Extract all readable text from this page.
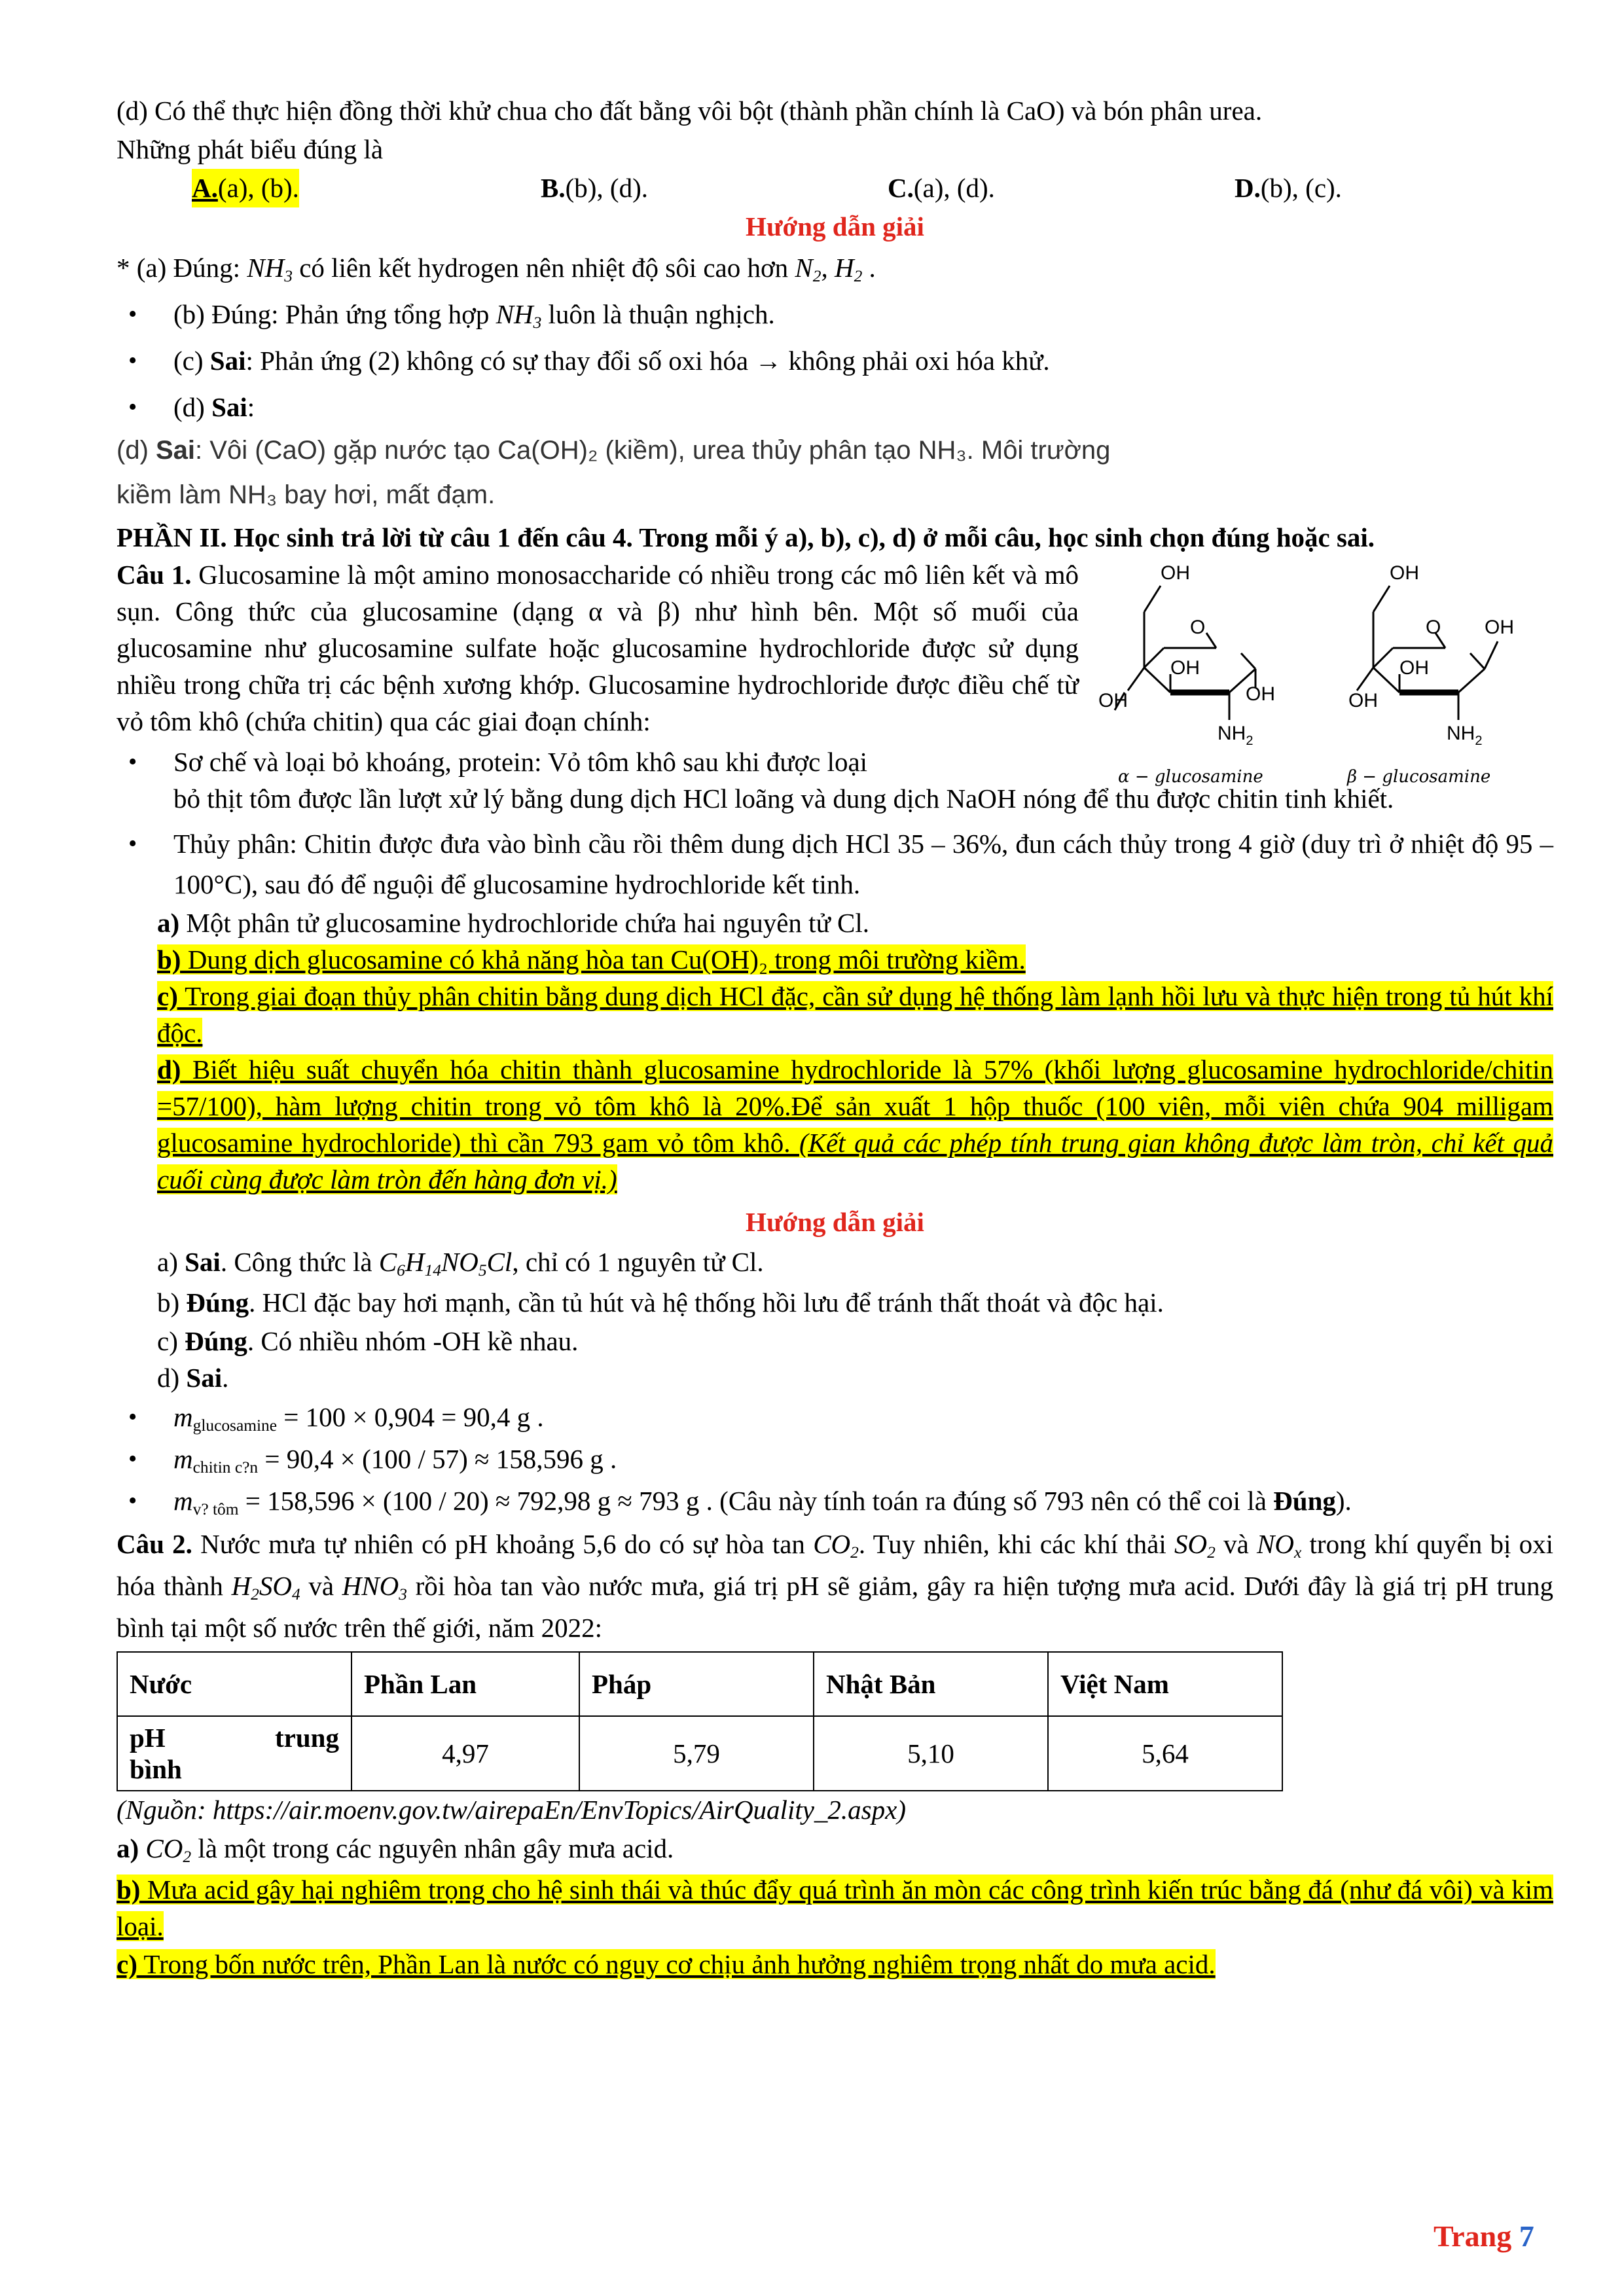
(d) Có thể thực hiện đồng thời khử chua cho đất bằng vôi bột (thành phần chính là CaO) và bón phân urea.

Những phát biểu đúng là

A.(a), (b).	B.(b), (d).	C.(a), (d).	D.(b), (c).

Hướng dẫn giải

* (a) Đúng: $NH_3$ có liên kết hydrogen nên nhiệt độ sôi cao hơn $N_2$, $H_2$ .

• (b) Đúng: Phản ứng tổng hợp $NH_3$ luôn là thuận nghịch.

• (c) Sai: Phản ứng (2) không có sự thay đổi số oxi hóa → không phải oxi hóa khử.

• (d) Sai:

(d) Sai: Vôi (CaO) gặp nước tạo Ca(OH)₂ (kiềm), urea thủy phân tạo NH₃. Môi trường

kiềm làm NH₃ bay hơi, mất đạm.

PHẦN II. Học sinh trả lời từ câu 1 đến câu 4. Trong mỗi ý a), b), c), d) ở mỗi câu, học sinh chọn đúng hoặc sai.

Câu 1. Glucosamine là một amino monosaccharide có nhiều trong các mô liên kết và mô sụn. Công thức của glucosamine (dạng α và β) như hình bên. Một số muối của glucosamine như glucosamine sulfate hoặc glucosamine hydrochloride được sử dụng nhiều trong chữa trị các bệnh xương khớp. Glucosamine hydrochloride được điều chế từ vỏ tôm khô (chứa chitin) qua các giai đoạn chính:

OH
O
OH
OH
OH
$NH_2$
OH
OH
O
OH
OH
$NH_2$
α − glucosamine	β − glucosamine

• Sơ chế và loại bỏ khoáng, protein: Vỏ tôm khô sau khi được loại

bỏ thịt tôm được lần lượt xử lý bằng dung dịch HCl loãng và dung dịch NaOH nóng để thu được chitin tinh khiết.

• Thủy phân: Chitin được đưa vào bình cầu rồi thêm dung dịch HCl 35 – 36%, đun cách thủy trong 4 giờ (duy trì ở nhiệt độ 95 – 100°C), sau đó để nguội để glucosamine hydrochloride kết tinh.

a) Một phân tử glucosamine hydrochloride chứa hai nguyên tử Cl.

b) Dung dịch glucosamine có khả năng hòa tan Cu(OH)₂ trong môi trường kiềm.

c) Trong giai đoạn thủy phân chitin bằng dung dịch HCl đặc, cần sử dụng hệ thống làm lạnh hồi lưu và thực hiện trong tủ hút khí độc.

d) Biết hiệu suất chuyển hóa chitin thành glucosamine hydrochloride là 57% (khối lượng glucosamine hydrochloride/chitin =57/100), hàm lượng chitin trong vỏ tôm khô là 20%.Để sản xuất 1 hộp thuốc (100 viên, mỗi viên chứa 904 milligam glucosamine hydrochloride) thì cần 793 gam vỏ tôm khô. (Kết quả các phép tính trung gian không được làm tròn, chỉ kết quả cuối cùng được làm tròn đến hàng đơn vị.)

Hướng dẫn giải

a) Sai. Công thức là $C_6H_{14}NO_5Cl$, chỉ có 1 nguyên tử Cl.

b) Đúng. HCl đặc bay hơi mạnh, cần tủ hút và hệ thống hồi lưu để tránh thất thoát và độc hại.

c) Đúng. Có nhiều nhóm -OH kề nhau.

d) Sai.

• $m_{glucosamine} = 100 \times 0,904 = 90,4$ g .

• $m_{chitin c?n} = 90,4 \times (100 / 57) \approx 158,596$ g .

• $m_{v? tôm} = 158,596 \times (100 / 20) \approx 792,98$ g ≈ 793 g . (Câu này tính toán ra đúng số 793 nên có thể coi là Đúng).

Câu 2. Nước mưa tự nhiên có pH khoảng 5,6 do có sự hòa $\tan CO_2$. Tuy nhiên, khi các khí thải $SO_2$ và $NO_x$ trong khí quyển bị oxi hóa thành $H_2SO_4$ và $HNO_3$ rồi hòa tan vào nước mưa, giá trị pH sẽ giảm, gây ra hiện tượng mưa acid. Dưới đây là giá trị pH trung bình tại một số nước trên thế giới, năm 2022:

Nước	Phần Lan	Pháp	Nhật Bản	Việt Nam

pH trung
bình	4,97	5,79	5,10	5,64

(Nguồn: https://air.moenv.gov.tw/airepaEn/EnvTopics/AirQuality_2.aspx)

a) $CO_2$ là một trong các nguyên nhân gây mưa acid.

b) Mưa acid gây hại nghiêm trọng cho hệ sinh thái và thúc đẩy quá trình ăn mòn các công trình kiến trúc bằng đá (như đá vôi) và kim loại.

c) Trong bốn nước trên, Phần Lan là nước có nguy cơ chịu ảnh hưởng nghiêm trọng nhất do mưa acid.

Trang 7
